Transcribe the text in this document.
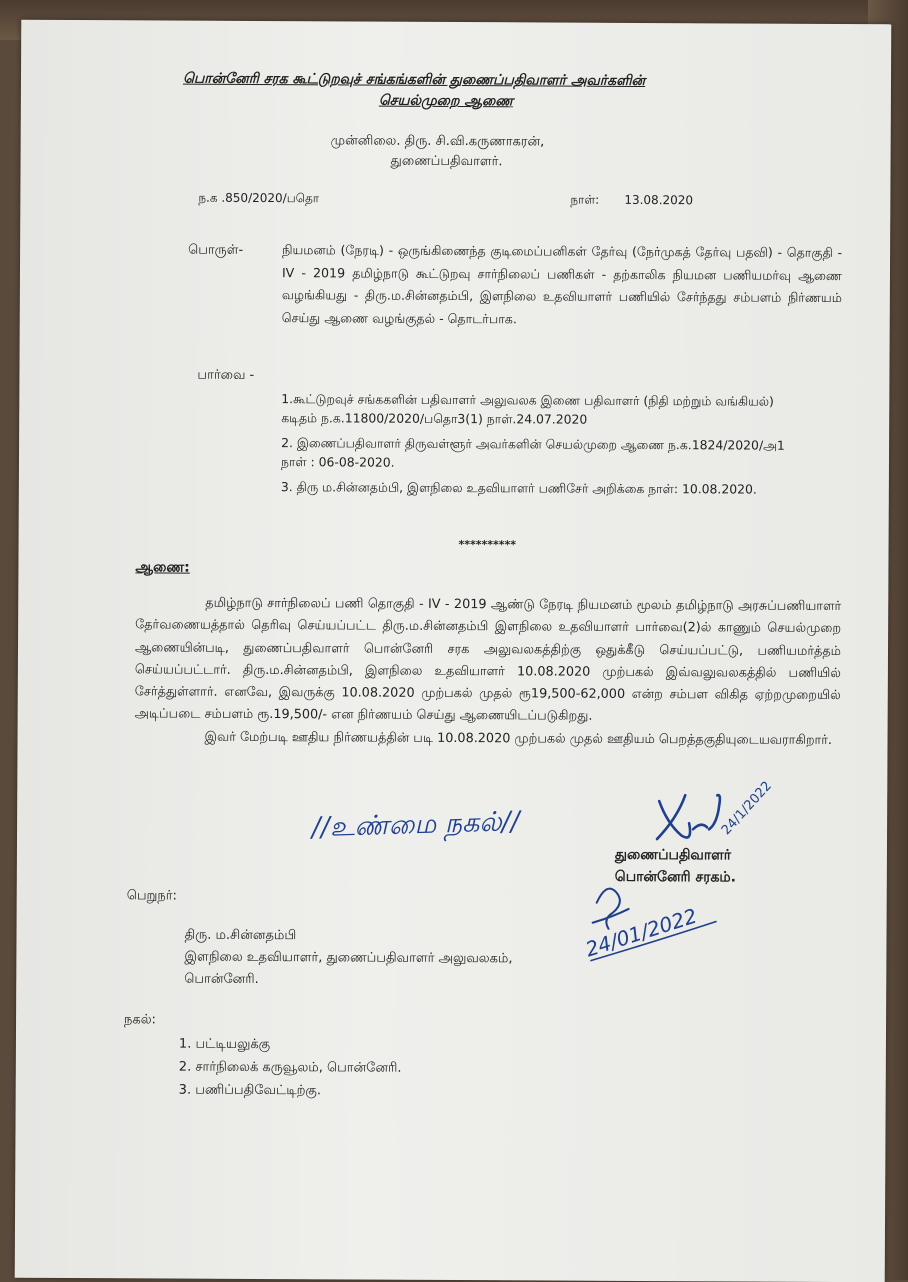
பொன்னேரி சரக கூட்டுறவுச் சங்கங்களின் துணைப்பதிவாளர் அவர்களின்
செயல்முறை ஆணை
முன்னிலை. திரு. சி.வி.கருணாகரன்,
துணைப்பதிவாளர்.
ந.க .850/2020/பதொ	நாள்: 13.08.2020
பொருள்-	நியமனம் (நேரடி) - ஒருங்கிணைந்த குடிமைப்பனிகள் தேர்வு (நேர்முகத் தேர்வு பதவி) - தொகுதி - IV - 2019 தமிழ்நாடு கூட்டுறவு சார்நிலைப் பணிகள் - தற்காலிக நியமன பணியமர்வு ஆணை வழங்கியது - திரு.ம.சின்னதம்பி, இளநிலை உதவியாளர் பணியில் சேர்ந்தது சம்பளம் நிர்ணயம் செய்து ஆணை வழங்குதல் - தொடர்பாக.
பார்வை -
1.கூட்டுறவுச் சங்ககளின் பதிவாளர் அலுவலக இணை பதிவாளர் (நிதி மற்றும் வங்கியல்) கடிதம் ந.க.11800/2020/பதொ3(1) நாள்.24.07.2020
2. இணைப்பதிவாளர் திருவள்ளூர் அவர்களின் செயல்முறை ஆணை ந.க.1824/2020/அ1 நாள் : 06-08-2020.
3. திரு ம.சின்னதம்பி, இளநிலை உதவியாளர் பணிசேர் அறிக்கை நாள்: 10.08.2020.
**********
ஆணை:

தமிழ்நாடு சார்நிலைப் பணி தொகுதி - IV - 2019 ஆண்டு நேரடி நியமனம் மூலம் தமிழ்நாடு அரசுப்பணியாளர் தேர்வணையத்தால் தெரிவு செய்யப்பட்ட திரு.ம.சின்னதம்பி இளநிலை உதவியாளர் பார்வை(2)ல் காணும் செயல்முறை ஆணையின்படி, துணைப்பதிவாளர் பொன்னேரி சரக அலுவலகத்திற்கு ஒதுக்கீடு செய்யப்பட்டு, பணியமர்த்தம் செய்யப்பட்டார். திரு.ம.சின்னதம்பி, இளநிலை உதவியாளர் 10.08.2020 முற்பகல் இவ்வலுவலகத்தில் பணியில் சேர்த்துள்ளார். எனவே, இவருக்கு 10.08.2020 முற்பகல் முதல் ரூ19,500-62,000 என்ற சம்பள விகித ஏற்றமுறையில் அடிப்படை சம்பளம் ரூ.19,500/- என நிர்ணயம் செய்து ஆணையிடப்படுகிறது.

இவர் மேற்படி ஊதிய நிர்ணயத்தின் படி 10.08.2020 முற்பகல் முதல் ஊதியம் பெறத்தகுதியுடையவராகிறார்.

//உண்மை நகல்//	24/1/2022
24/01/2022
துணைப்பதிவாளர்
பொன்னேரி சரகம்.
பெறுநர்:
திரு. ம.சின்னதம்பி
இளநிலை உதவியாளர், துணைப்பதிவாளர் அலுவலகம்,
பொன்னேரி.
நகல்:
1. பட்டியலுக்கு
2. சார்நிலைக் கருவூலம், பொன்னேரி.
3. பணிப்பதிவேட்டிற்கு.
